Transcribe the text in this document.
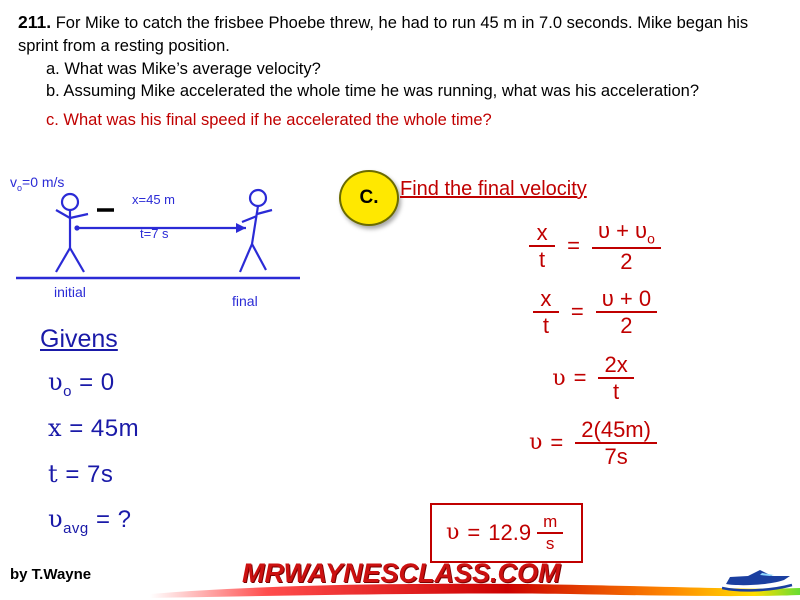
211. For Mike to catch the frisbee Phoebe threw, he had to run 45 m in 7.0 seconds. Mike began his sprint from a resting position.
a. What was Mike’s average velocity?
b. Assuming Mike accelerated the whole time he was running, what was his acceleration?
c. What was his final speed if he accelerated the whole time?
$v_o=0$ m/s
x=45 m
t=7 s
initial
final
Givens
$\upsilon_o = 0$
x = 45m
t = 7s
$\upsilon_{avg}$ = ?
C. Find the final velocity
$\frac{x}{t} = \frac{\upsilon + \upsilon_o}{2}$
$\frac{x}{t} = \frac{\upsilon + 0}{2}$
$\upsilon = \frac{2x}{t}$
$\upsilon = \frac{2(45m)}{7s}$
$\upsilon = 12.9 \frac{m}{s}$
by T.Wayne	MRWAYNESCLASS.COM
